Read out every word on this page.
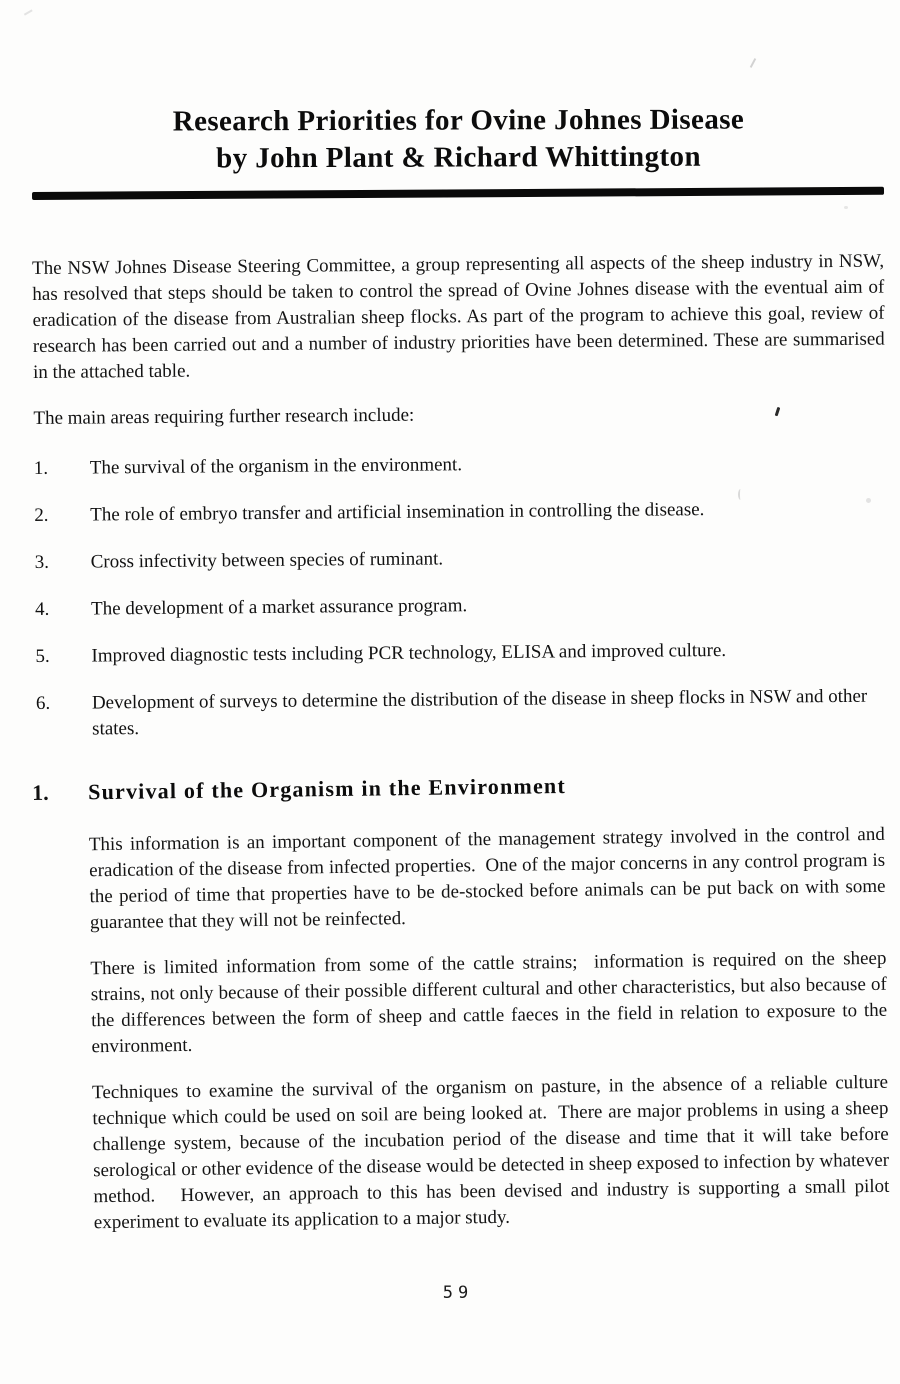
Research Priorities for Ovine Johnes Disease
by John Plant & Richard Whittington

The NSW Johnes Disease Steering Committee, a group representing all aspects of the sheep industry in NSW, has resolved that steps should be taken to control the spread of Ovine Johnes disease with the eventual aim of eradication of the disease from Australian sheep flocks. As part of the program to achieve this goal, review of research has been carried out and a number of industry priorities have been determined. These are summarised in the attached table.

The main areas requiring further research include:
1.	The survival of the organism in the environment.
2.	The role of embryo transfer and artificial insemination in controlling the disease.
3.	Cross infectivity between species of ruminant.
4.	The development of a market assurance program.
5.	Improved diagnostic tests including PCR technology, ELISA and improved culture.
6.	Development of surveys to determine the distribution of the disease in sheep flocks in NSW and other states.
1.	Survival of the Organism in the Environment

This information is an important component of the management strategy involved in the control and eradication of the disease from infected properties.  One of the major concerns in any control program is the period of time that properties have to be de-stocked before animals can be put back on with some guarantee that they will not be reinfected.

There is limited information from some of the cattle strains;  information is required on the sheep strains, not only because of their possible different cultural and other characteristics, but also because of the differences between the form of sheep and cattle faeces in the field in relation to exposure to the environment.

Techniques to examine the survival of the organism on pasture, in the absence of a reliable culture technique which could be used on soil are being looked at.  There are major problems in using a sheep challenge system, because of the incubation period of the disease and time that it will take before serological or other evidence of the disease would be detected in sheep exposed to infection by whatever method.   However, an approach to this has been devised and industry is supporting a small pilot experiment to evaluate its application to a major study.

59
